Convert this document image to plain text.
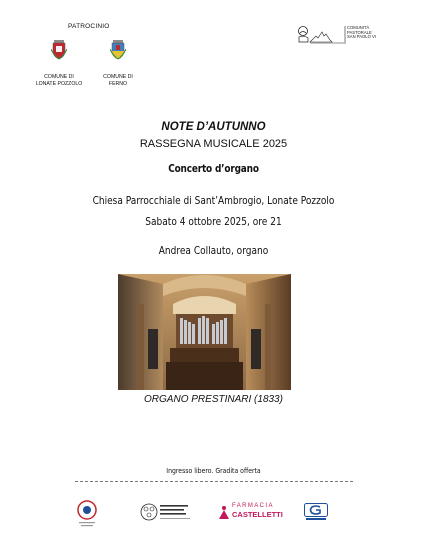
PATROCINIO
COMUNE DI
LONATE POZZOLO
COMUNE DI
FERNO
COMUNITÀ
PASTORALE
SAN PAOLO VI
NOTE D’AUTUNNO
RASSEGNA MUSICALE 2025
Concerto d’organo
Chiesa Parrocchiale di Sant’Ambrogio, Lonate Pozzolo
Sabato 4 ottobre 2025, ore 21
Andrea Collauto, organo
ORGANO PRESTINARI (1833)
Ingresso libero. Gradita offerta
FARMACIA
CASTELLETTI
